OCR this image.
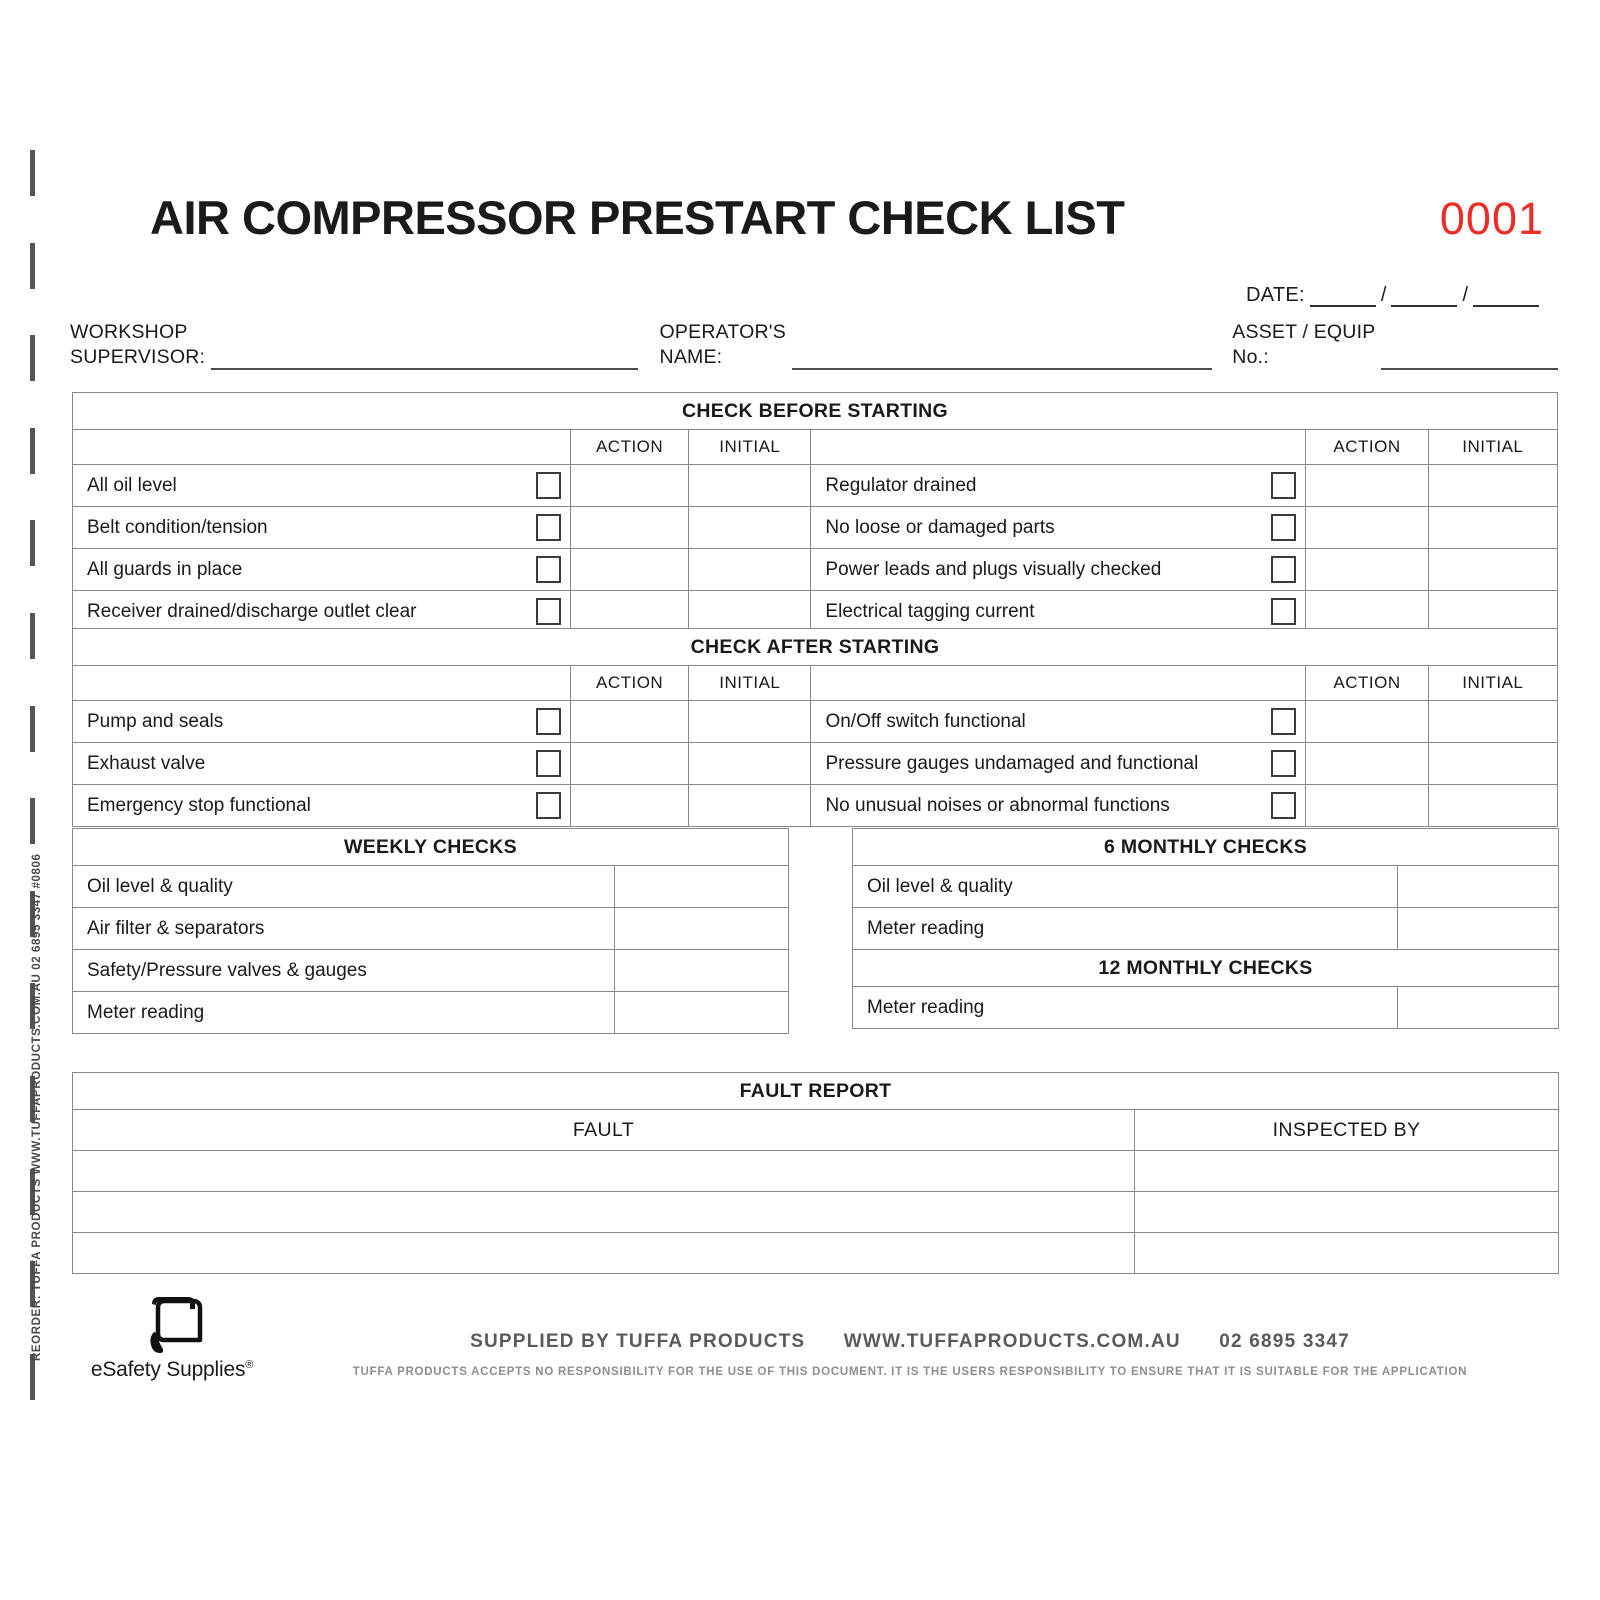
REORDER: TUFFA PRODUCTS WWW.TUFFAPRODUCTS.COM.AU 02 6895 3347 #0806
AIR COMPRESSOR PRESTART CHECK LIST	0001
DATE:	/	/
WORKSHOP
SUPERVISOR:
OPERATOR'S
NAME:
ASSET / EQUIP
No.:
CHECK BEFORE STARTING							
		ACTION	INITIAL			ACTION	INITIAL
All oil level				Regulator drained			
Belt condition/tension				No loose or damaged parts			
All guards in place				Power leads and plugs visually checked			
Receiver drained/discharge outlet clear				Electrical tagging current			
CHECK AFTER STARTING							
		ACTION	INITIAL			ACTION	INITIAL
Pump and seals				On/Off switch functional			
Exhaust valve				Pressure gauges undamaged and functional			
Emergency stop functional				No unusual noises or abnormal functions			
WEEKLY CHECKS	
Oil level & quality	
Air filter & separators	
Safety/Pressure valves & gauges	
Meter reading	
6 MONTHLY CHECKS	
Oil level & quality	
Meter reading	
12 MONTHLY CHECKS	
Meter reading	
FAULT REPORT	
FAULT	INSPECTED BY

eSafety Supplies®
SUPPLIED BY TUFFA PRODUCTS WWW.TUFFAPRODUCTS.COM.AU 02 6895 3347
TUFFA PRODUCTS ACCEPTS NO RESPONSIBILITY FOR THE USE OF THIS DOCUMENT. IT IS THE USERS RESPONSIBILITY TO ENSURE THAT IT IS SUITABLE FOR THE APPLICATION
